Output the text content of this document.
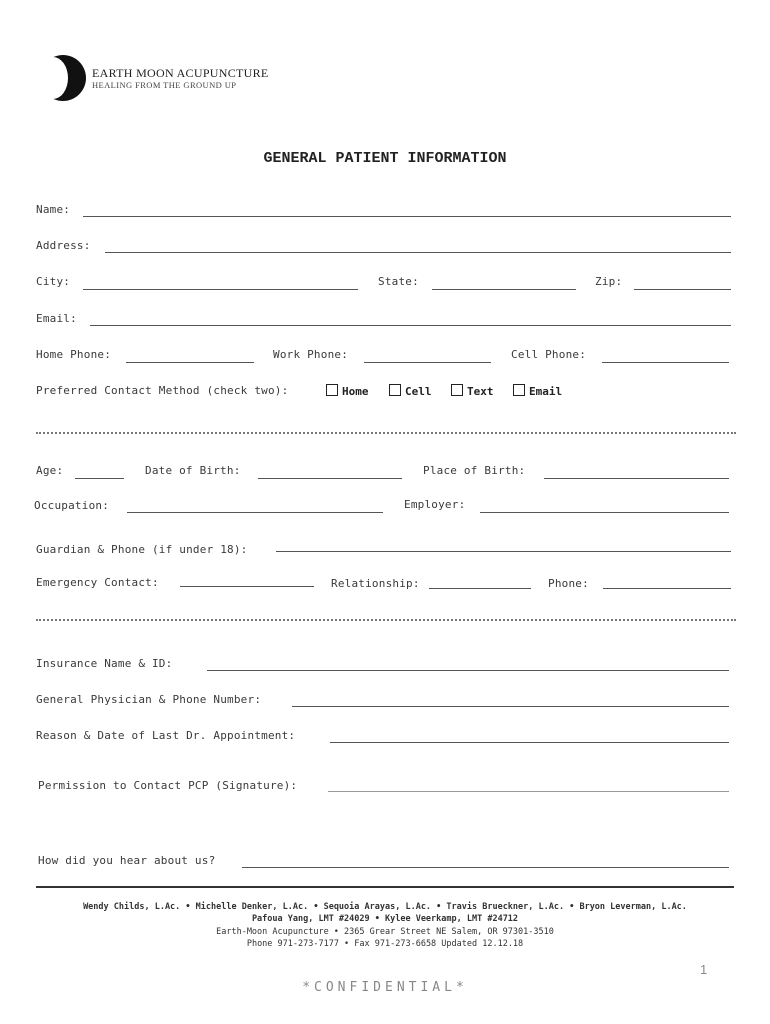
EARTH MOON ACUPUNCTURE
HEALING FROM THE GROUND UP
GENERAL PATIENT INFORMATION
Name:
Address:
City:	State:	Zip:
Email:
Home Phone:	Work Phone:	Cell Phone:
Preferred Contact Method (check two):	Home	Cell	Text	Email
Age:	Date of Birth:	Place of Birth:
Occupation:	Employer:
Guardian & Phone (if under 18):
Emergency Contact:	Relationship:	Phone:
Insurance Name & ID:
General Physician & Phone Number:
Reason & Date of Last Dr. Appointment:
Permission to Contact PCP (Signature):
How did you hear about us?
Wendy Childs, L.Ac. • Michelle Denker, L.Ac. • Sequoia Arayas, L.Ac. • Travis Brueckner, L.Ac. • Bryon Leverman, L.Ac.
Pafoua Yang, LMT #24029 • Kylee Veerkamp, LMT #24712
Earth-Moon Acupuncture • 2365 Grear Street NE Salem, OR 97301-3510
Phone 971-273-7177 • Fax 971-273-6658 Updated 12.12.18
1
*CONFIDENTIAL*
